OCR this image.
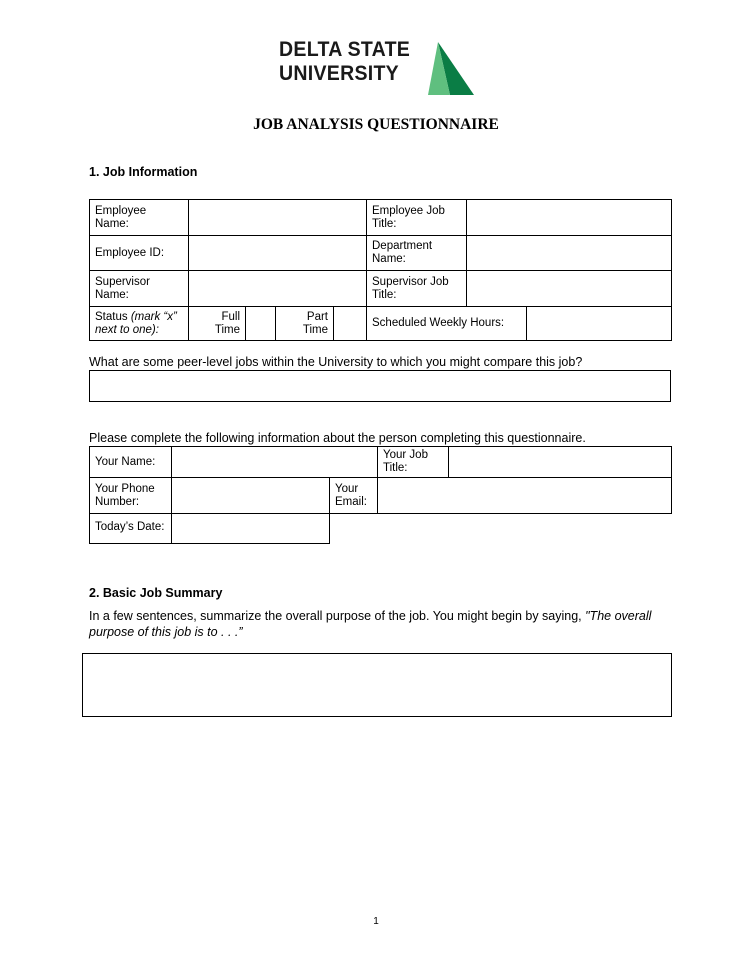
DELTA STATE
UNIVERSITY
JOB ANALYSIS QUESTIONNAIRE
1. Job Information
Employee Name:					Employee Job Title:		
Employee ID:					Department Name:		
Supervisor Name:					Supervisor Job Title:		
Status (mark “x” next to one):	Full Time		Part Time		Scheduled Weekly Hours:		
What are some peer-level jobs within the University to which you might compare this job?
Please complete the following information about the person completing this questionnaire.
Your Name:			Your Job Title:	
Your Phone Number:		Your Email:		
Today’s Date:	
2. Basic Job Summary
In a few sentences, summarize the overall purpose of the job. You might begin by saying, "The overall purpose of this job is to . . .”
1
